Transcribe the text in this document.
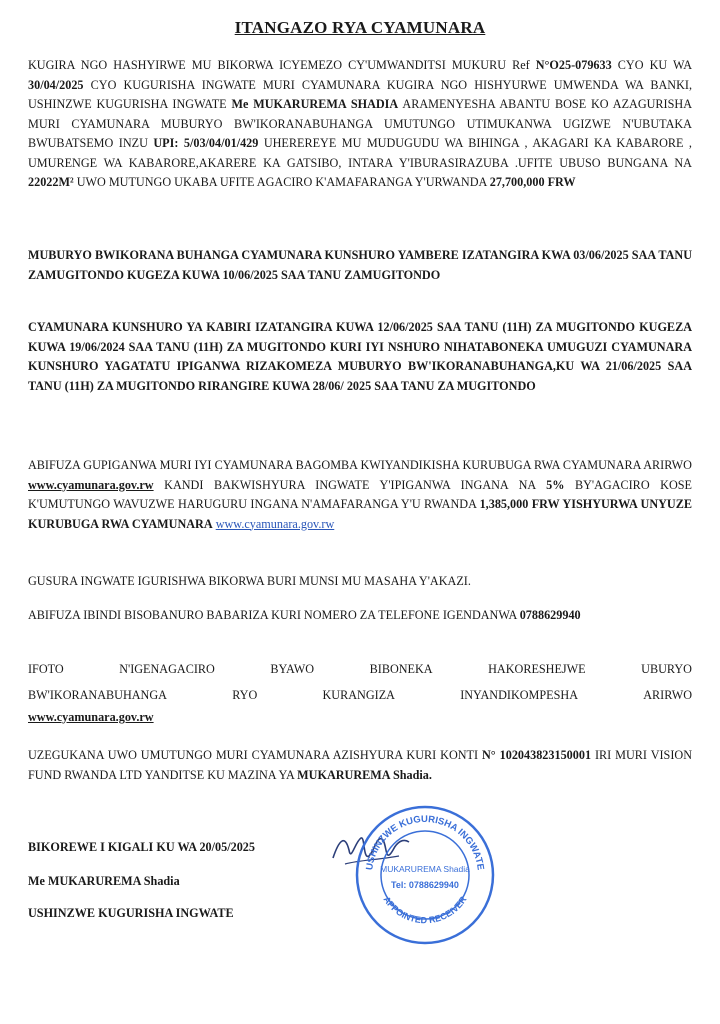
ITANGAZO RYA CYAMUNARA
KUGIRA NGO HASHYIRWE MU BIKORWA ICYEMEZO CY'UMWANDITSI MUKURU Ref N°O25-079633 CYO KU WA 30/04/2025 CYO KUGURISHA INGWATE MURI CYAMUNARA KUGIRA NGO HISHYURWE UMWENDA WA BANKI, USHINZWE KUGURISHA INGWATE Me MUKARUREMA SHADIA ARAMENYESHA ABANTU BOSE KO AZAGURISHA MURI CYAMUNARA MUBURYO BW'IKORANABUHANGA UMUTUNGO UTIMUKANWA UGIZWE N'UBUTAKA BWUBATSEMO INZU UPI: 5/03/04/01/429 UHEREREYE MU MUDUGUDU WA BIHINGA , AKAGARI KA KABARORE , UMURENGE WA KABARORE,AKARERE KA GATSIBO, INTARA Y'IBURASIRAZUBA .UFITE UBUSO BUNGANA NA 22022M² UWO MUTUNGO UKABA UFITE AGACIRO K'AMAFARANGA Y'URWANDA 27,700,000 FRW
MUBURYO BWIKORANA BUHANGA CYAMUNARA KUNSHURO YAMBERE IZATANGIRA KWA 03/06/2025 SAA TANU ZAMUGITONDO KUGEZA KUWA 10/06/2025 SAA TANU ZAMUGITONDO
CYAMUNARA KUNSHURO YA KABIRI IZATANGIRA KUWA 12/06/2025 SAA TANU (11H) ZA MUGITONDO KUGEZA KUWA 19/06/2024 SAA TANU (11H) ZA MUGITONDO KURI IYI NSHURO NIHATABONEKA UMUGUZI CYAMUNARA KUNSHURO YAGATATU IPIGANWA RIZAKOMEZA MUBURYO BW'IKORANABUHANGA,KU WA 21/06/2025 SAA TANU (11H) ZA MUGITONDO RIRANGIRE KUWA 28/06/ 2025 SAA TANU ZA MUGITONDO
ABIFUZA GUPIGANWA MURI IYI CYAMUNARA BAGOMBA KWIYANDIKISHA KURUBUGA RWA CYAMUNARA ARIRWO www.cyamunara.gov.rw KANDI BAKWISHYURA INGWATE Y'IPIGANWA INGANA NA 5% BY'AGACIRO KOSE K'UMUTUNGO WAVUZWE HARUGURU INGANA N'AMAFARANGA Y'U RWANDA 1,385,000 FRW YISHYURWA UNYUZE KURUBUGA RWA CYAMUNARA www.cyamunara.gov.rw
GUSURA INGWATE IGURISHWA BIKORWA BURI MUNSI MU MASAHA Y'AKAZI.
ABIFUZA IBINDI BISOBANURO BABARIZA KURI NOMERO ZA TELEFONE IGENDANWA 0788629940
IFOTO	N'IGENAGACIRO	BYAWO	BIBONEKA	HAKORESHEJWE	UBURYO
BW'IKORANABUHANGA	RYO	KURANGIZA	INYANDIKOMPESHA	ARIRWO
www.cyamunara.gov.rw
UZEGUKANA UWO UMUTUNGO MURI CYAMUNARA AZISHYURA KURI KONTI N° 102043823150001 IRI MURI VISION FUND RWANDA LTD YANDITSE KU MAZINA YA MUKARUREMA Shadia.
BIKOREWE I KIGALI KU WA 20/05/2025
Me MUKARUREMA Shadia
USHINZWE KUGURISHA INGWATE
USHINZWE KUGURISHA INGWATE
APPOINTED RECEIVER
MUKARUREMA Shadia
Tel: 0788629940
